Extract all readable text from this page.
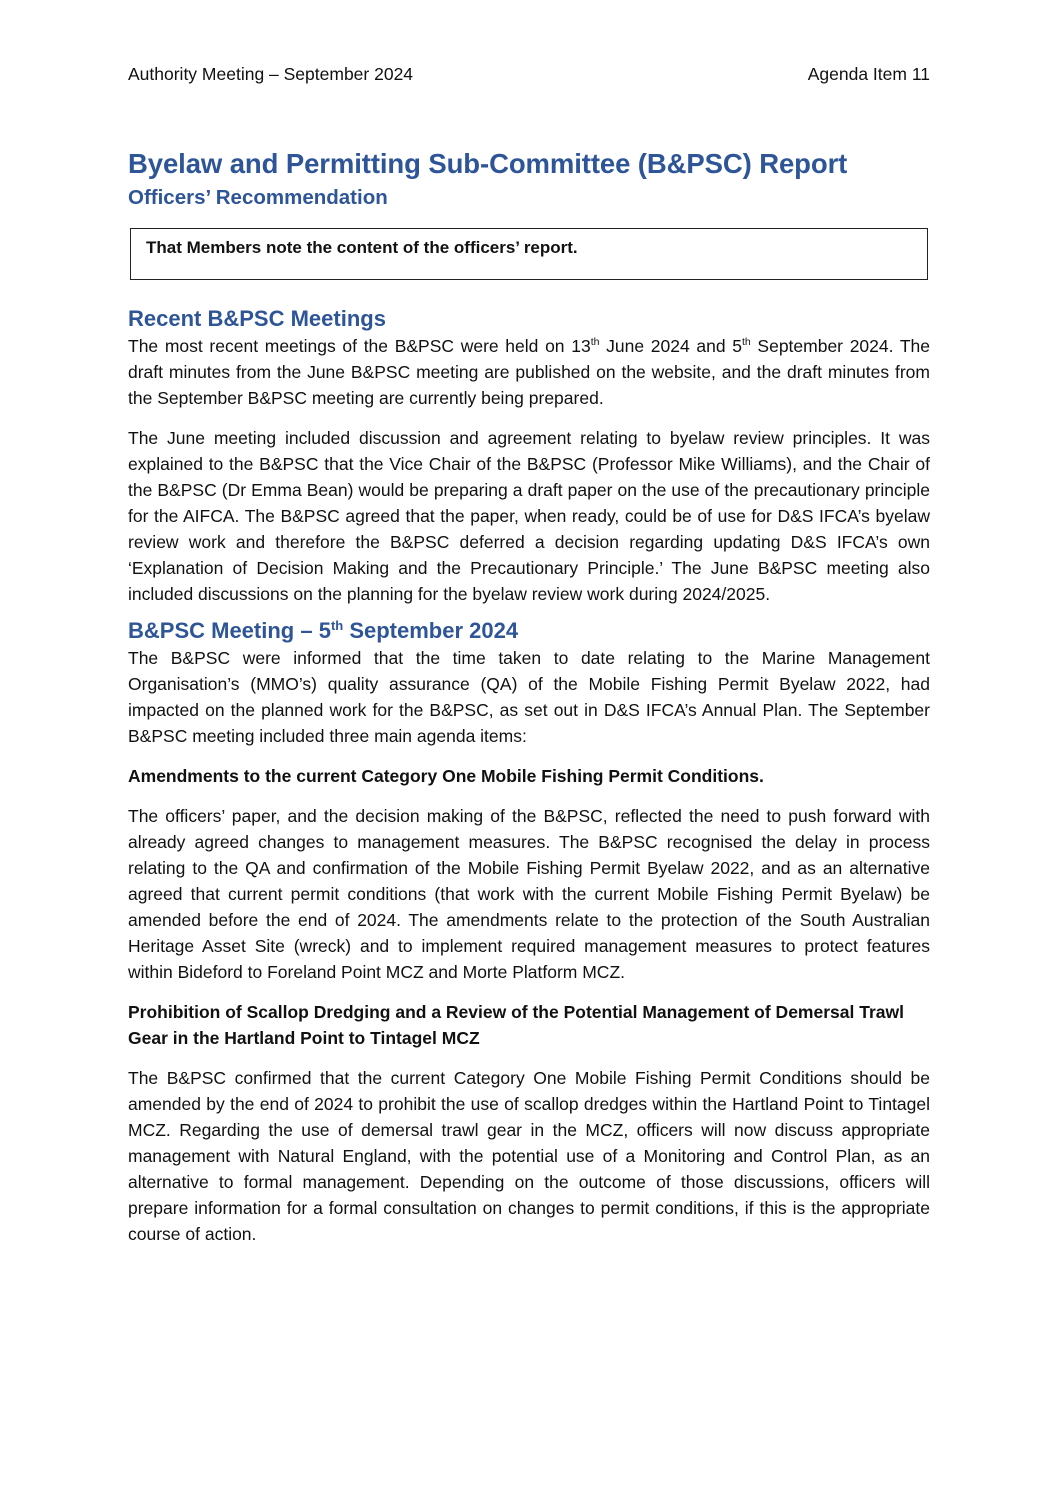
Authority Meeting – September 2024	Agenda Item 11
Byelaw and Permitting Sub-Committee (B&PSC) Report
Officers’ Recommendation
That Members note the content of the officers’ report.
Recent B&PSC Meetings

The most recent meetings of the B&PSC were held on 13th June 2024 and 5th September 2024. The draft minutes from the June B&PSC meeting are published on the website, and the draft minutes from the September B&PSC meeting are currently being prepared.

The June meeting included discussion and agreement relating to byelaw review principles. It was explained to the B&PSC that the Vice Chair of the B&PSC (Professor Mike Williams), and the Chair of the B&PSC (Dr Emma Bean) would be preparing a draft paper on the use of the precautionary principle for the AIFCA. The B&PSC agreed that the paper, when ready, could be of use for D&S IFCA’s byelaw review work and therefore the B&PSC deferred a decision regarding updating D&S IFCA’s own ‘Explanation of Decision Making and the Precautionary Principle.’ The June B&PSC meeting also included discussions on the planning for the byelaw review work during 2024/2025.

B&PSC Meeting – 5th September 2024

The B&PSC were informed that the time taken to date relating to the Marine Management Organisation’s (MMO’s) quality assurance (QA) of the Mobile Fishing Permit Byelaw 2022, had impacted on the planned work for the B&PSC, as set out in D&S IFCA’s Annual Plan. The September B&PSC meeting included three main agenda items:

Amendments to the current Category One Mobile Fishing Permit Conditions.

The officers’ paper, and the decision making of the B&PSC, reflected the need to push forward with already agreed changes to management measures. The B&PSC recognised the delay in process relating to the QA and confirmation of the Mobile Fishing Permit Byelaw 2022, and as an alternative agreed that current permit conditions (that work with the current Mobile Fishing Permit Byelaw) be amended before the end of 2024. The amendments relate to the protection of the South Australian Heritage Asset Site (wreck) and to implement required management measures to protect features within Bideford to Foreland Point MCZ and Morte Platform MCZ.

Prohibition of Scallop Dredging and a Review of the Potential Management of Demersal Trawl Gear in the Hartland Point to Tintagel MCZ

The B&PSC confirmed that the current Category One Mobile Fishing Permit Conditions should be amended by the end of 2024 to prohibit the use of scallop dredges within the Hartland Point to Tintagel MCZ. Regarding the use of demersal trawl gear in the MCZ, officers will now discuss appropriate management with Natural England, with the potential use of a Monitoring and Control Plan, as an alternative to formal management. Depending on the outcome of those discussions, officers will prepare information for a formal consultation on changes to permit conditions, if this is the appropriate course of action.
